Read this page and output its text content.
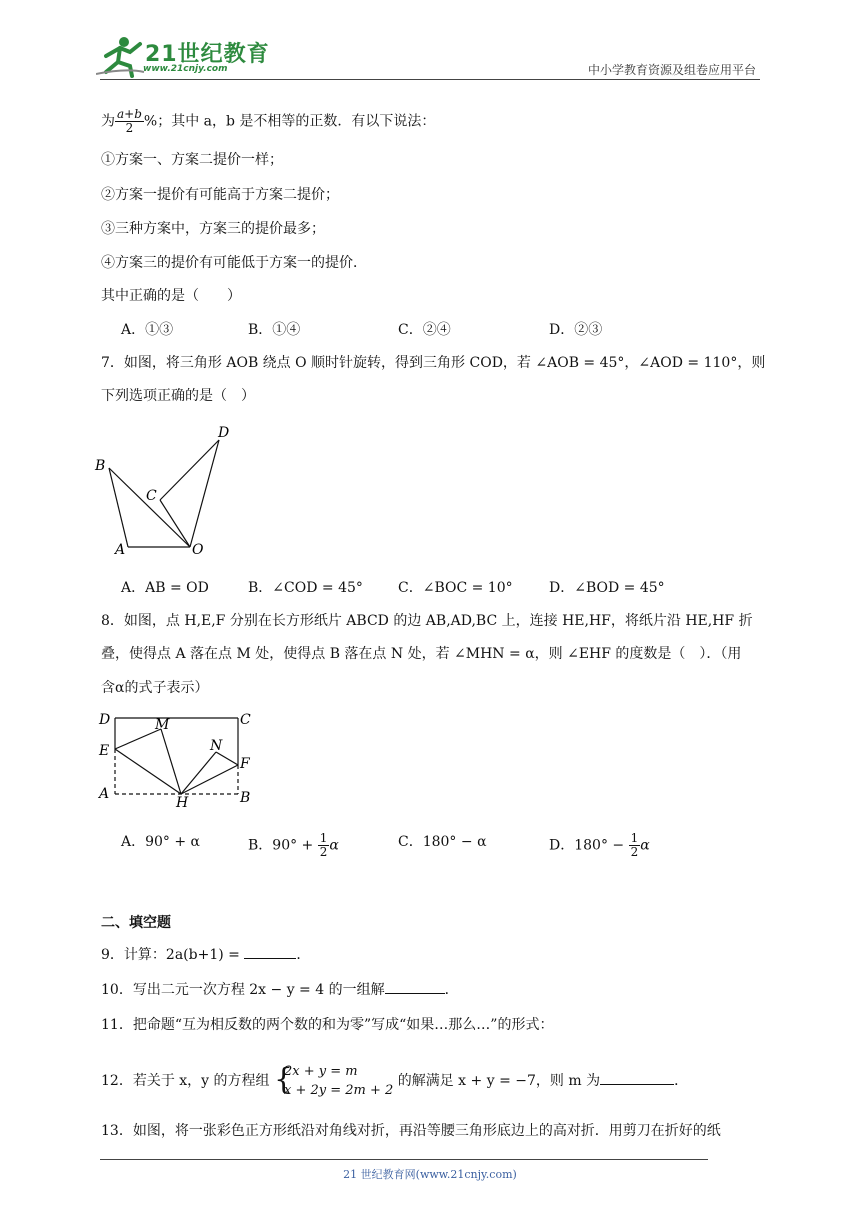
21世纪教育
www.21cnjy.com	中小学教育资源及组卷应用平台
为 $\frac{a+b}{2}$ %；其中 a，b 是不相等的正数．有以下说法：
①方案一、方案二提价一样；
②方案一提价有可能高于方案二提价；
③三种方案中，方案三的提价最多；
④方案三的提价有可能低于方案一的提价．
其中正确的是（　　）
A．①③	B．①④	C．②④	D．②③
7．如图，将三角形 AOB 绕点 O 顺时针旋转，得到三角形 COD，若 ∠AOB = 45°，∠AOD = 110°，则
下列选项正确的是（　）
D
B
C
A	O
A．AB = OD	B．∠COD = 45°	C．∠BOC = 10°	D．∠BOD = 45°
8．如图，点 H,E,F 分别在长方形纸片 ABCD 的边 AB,AD,BC 上，连接 HE,HF，将纸片沿 HE,HF 折
叠，使得点 A 落在点 M 处，使得点 B 落在点 N 处，若 ∠MHN = α，则 ∠EHF 的度数是（　）．（用
含α的式子表示）
D	C
M
N
E
F
A
H	B
A．90° + α	B．$90^\circ + \frac{1}{2}$ α	C．180° − α	D．$180^\circ - \frac{1}{2}$ α
二、填空题
9．计算：2a(b+1) =	．
10．写出二元一次方程 2x − y = 4 的一组解	．
11．把命题“互为相反数的两个数的和为零”写成“如果…那么…”的形式：
12．若关于 x，y 的方程组 {
2x + y = m
x + 2y = 2m + 2
的解满足 x + y = −7，则 m 为	．
13．如图，将一张彩色正方形纸沿对角线对折，再沿等腰三角形底边上的高对折．用剪刀在折好的纸
21 世纪教育网(www.21cnjy.com)
